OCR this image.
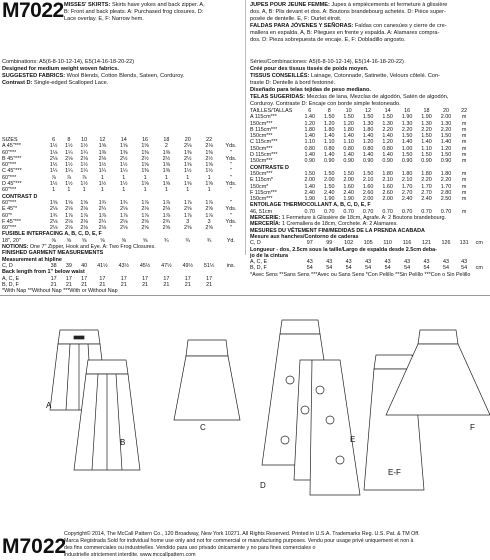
M7022 MISSES' SKIRTS: Skirts have yokes and back zipper. A,
B: Front and back pleats. A: Purchased frog closures. D:
Lace overlay. E, F: Narrow hem.
Combinations: A5(6-8-10-12-14), E5(14-16-18-20-22)
Designed for medium weight woven fabrics.
SUGGESTED FABRICS: Wool Blends, Cotton Blends, Sateen, Corduroy.
Contrast D: Single-edged Scalloped Lace.
SIZES	6	8	10	12	14	16	18	20	22	
A 45"***	1½	1½	1½	1⅝	1⅝	1⅝	2	2⅛	2⅛	Yds.
60"***	1⅛	1¼	1¼	1⅜	1⅜	1⅜	1⅜	1⅜	1⅜	"
B 45"***	2⅛	2⅛	2⅛	2⅛	2½	2½	2½	2½	2½	Yds.
60"***	1½	1½	1½	1½	1½	1⅝	1⅝	1⅝	1⅝	"
C 45"***	1¼	1¼	1¼	1¼	1¼	1⅜	1⅜	1½	1½	"
60"***	⅞	⅞	⅞	1	1	1	1	1	1	"
D 45"***	1½	1½	1½	1½	1½	1⅝	1⅝	1⅝	1⅝	Yds.
60"***	1	1	1	1	1	1	1	1	1	"
CONTRAST D										
60"***	1⅝	1⅝	1⅝	1¾	1¾	1⅞	1⅞	1⅞	1⅞	"
E 45"*	2⅛	2⅛	2⅛	2¼	2⅛	2⅛	2⅛	2⅝	2⅝	Yds.
60"*	1¾	1⅞	1⅞	1⅞	1⅞	1⅞	1⅞	1⅞	1⅞	"
F 45"***	2⅛	2⅛	2⅛	2¼	2⅛	2⅝	2¾	3	3	Yds.
60"***	2⅛	2⅛	2⅛	2⅛	2⅛	2⅝	2⅝	2⅝	2⅝	"
FUSIBLE INTERFACING A, B, C, D, E, F										
18", 20"	⅝	⅝	⅝	⅝	⅝	⅝	¾	¾	¾	Yd.
NOTIONS: One 7" Zipper, Hook and Eye. A: Two Frog Closures.										
FINISHED GARMENT MEASUREMENTS										
Measurement at hipline										
C, D	38	39	40	41½	43½	45½	47½	49½	51½	ins.
Back length from 1" below waist										
A, C, E	17	17	17	17	17	17	17	17	17	
B, D, F	21	21	21	21	21	21	21	21	21	
*With Nap **Without Nap ***With or Without Nap										
JUPES POUR JEUNE FEMME: Jupes à empiècements et fermeture à glissière
dos. A, B: Plis devant et dos. A: Boutons brandebourg achetés. D: Pièce super-
posée de dentelle. E, F: Ourlet étroit.
FALDAS PARA JÓVENES Y SEÑORAS: Faldas con canesúes y cierre de cre-
mallera en espalda. A, B: Pliegues en frente y espalda. A: Alamares compra-
dos. D: Pieza sobrepuesta de encaje. E, F: Dobladillo angosto.
Séries/Combinaciones: A5(6-8-10-12-14), E5(14-16-18-20-22)
Créé pour des tissus tissés de poids moyen.
TISSUS CONSEILLÉS: Lainage, Cotonnade, Satinette, Velours côtelé. Con-
traste D: Dentelle à bord festonné.
Diseñado para telas tejidas de peso mediano.
TELAS SUGERIDAS: Mezclas de lana, Mezclas de algodón, Satén de algodón,
Corduroy. Contraste D: Encaje con borde simple festoneado.
TAILLES/TALLAS	6	8	10	12	14	16	18	20	22	
A 115cm***	1.40	1.50	1.50	1.50	1.50	1.90	1.90	2.00	m	
150cm***	1.20	1.20	1.20	1.30	1.30	1.30	1.30	1.30	m	
B 115cm***	1.80	1.80	1.80	1.80	2.20	2.20	2.20	2.20	m	
150cm***	1.40	1.40	1.40	1.40	1.40	1.50	1.50	1.50	m	
C 115cm***	1.10	1.10	1.10	1.20	1.20	1.40	1.40	1.40	m	
150cm***	0.80	0.80	0.80	0.80	0.80	1.00	1.10	1.20	m	
D 115cm***	1.40	1.40	1.40	1.40	1.40	1.50	1.50	1.50	m	
150cm***	0.90	0.90	0.90	0.90	0.90	0.90	0.90	0.90	m	
CONTRASTE D										
150cm***	1.50	1.50	1.50	1.50	1.80	1.80	1.80	1.80	m	
E 115cm*	2.00	2.00	2.00	2.10	2.10	2.10	2.20	2.20	m	
150cm*	1.40	1.50	1.60	1.60	1.60	1.70	1.70	1.70	m	
F 115cm***	2.40	2.40	2.40	2.60	2.60	2.70	2.70	2.80	m	
150cm***	1.90	1.90	1.90	2.00	2.00	2.40	2.40	2.50	m	
ENTOILAGE THERMOCOLLANT A, B, C, D, E, F										
46, 51cm	0.70	0.70	0.70	0.70	0.70	0.70	0.70	0.70	m	
MERCERIE: 1 Fermeture à Glissière de 18cm, Agrafe. A: 2 Boutons brandebourg.										
MERCERÍA: 1 Cremallera de 18cm, Corchete. A: 2 Alamares.										
MESURES DU VÊTEMENT FINI/MEDIDAS DE LA PRENDA ACABADA										
Mesure aux hanches/Contorno de caderas										
C, D	97	99	102	105	110	116	121	126	131	cm
Longueur - dos, 2.5cm sous la taille/Largo de espalda desde 2.5cm deba-										
jo de la cintura										
A, C, E	43	43	43	43	43	43	43	43	43	
B, D, F	54	54	54	54	54	54	54	54	54	cm
*Avec Sens **Sans Sens ***Avec ou Sans Sens *Con Pelillo **Sin Pelillo ***Con o Sin Pelillo										
A
B
C
D
E
E-F
F
M7022
Copyright© 2014, The McCall Pattern Co., 120 Broadway, New York 10271. All Rights Reserved. Printed in U.S.A. Trademarks Reg. U.S. Pat. & TM Off.
Marca Registrada Sold for individual home use only and not for commercial or manufacturing purposes. Vendu pour usage privé uniquement et non à
des fins commerciales ou industrielles. Vendido para uso privado únicamente y no para fines comerciales o
industrielle strictement interdite. www.mccallpattern.com
